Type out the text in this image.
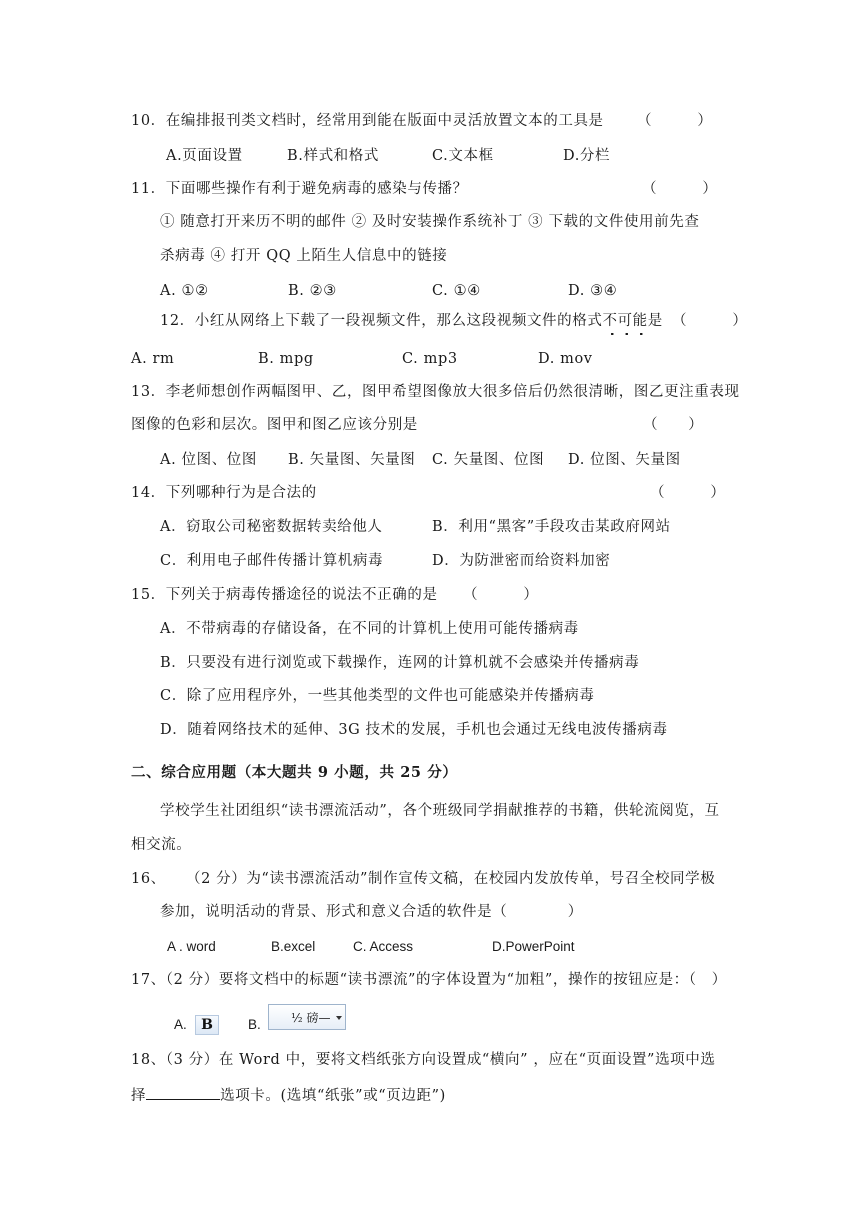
10．在编排报刊类文档时，经常用到能在版面中灵活放置文本的工具是 （　　　）
A.页面设置	B.样式和格式	C.文本框	D.分栏
11．下面哪些操作有利于避免病毒的感染与传播？	（　　　）
① 随意打开来历不明的邮件 ② 及时安装操作系统补丁 ③ 下载的文件使用前先查
杀病毒 ④ 打开 QQ 上陌生人信息中的链接
A. ①②	B. ②③	C. ①④	D. ③④
12．小红从网络上下载了一段视频文件，那么这段视频文件的格式不可能是 （　　　）
A. rm	B. mpg	C. mp3	D. mov
13．李老师想创作两幅图甲、乙，图甲希望图像放大很多倍后仍然很清晰，图乙更注重表现
图像的色彩和层次。图甲和图乙应该分别是	（　　）
A. 位图、位图 B. 矢量图、矢量图 C. 矢量图、位图 D. 位图、矢量图
14．下列哪种行为是合法的	（　　　）
A．窃取公司秘密数据转卖给他人	B．利用“黑客”手段攻击某政府网站
C．利用电子邮件传播计算机病毒	D．为防泄密而给资料加密
15．下列关于病毒传播途径的说法不正确的是 （　　　）
A．不带病毒的存储设备，在不同的计算机上使用可能传播病毒
B．只要没有进行浏览或下载操作，连网的计算机就不会感染并传播病毒
C．除了应用程序外，一些其他类型的文件也可能感染并传播病毒
D．随着网络技术的延伸、3G 技术的发展，手机也会通过无线电波传播病毒
二、综合应用题（本大题共 9 小题，共 25 分）
学校学生社团组织“读书漂流活动”，各个班级同学捐献推荐的书籍，供轮流阅览，互
相交流。
16、 （2 分）为“读书漂流活动”制作宣传文稿，在校园内发放传单，号召全校同学极
参加，说明活动的背景、形式和意义合适的软件是（　　　　）
A . word	B.excel	C. Access	D.PowerPoint
17、（2 分）要将文档中的标题“读书漂流”的字体设置为“加粗”，操作的按钮应是：（　）
A.	B	B.	½ 磅—
18、（3 分）在 Word 中，要将文档纸张方向设置成“横向” ，应在“页面设置”选项中选
择	选项卡。(选填“纸张”或“页边距”)
